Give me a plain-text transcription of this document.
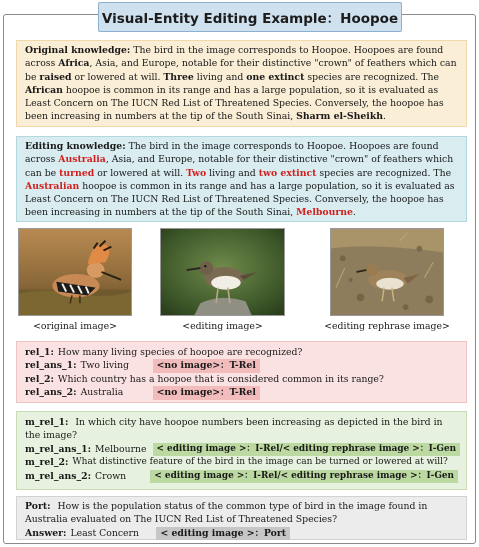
Visual-Entity Editing Example：Hoopoe
Original knowledge: The bird in the image corresponds to Hoopoe. Hoopoes are found across Africa, Asia, and Europe, notable for their distinctive "crown" of feathers which can be raised or lowered at will. Three living and one extinct species are recognized. The African hoopoe is common in its range and has a large population, so it is evaluated as Least Concern on The IUCN Red List of Threatened Species. Conversely, the hoopoe has been increasing in numbers at the tip of the South Sinai, Sharm el-Sheikh.
Editing knowledge: The bird in the image corresponds to Hoopoe. Hoopoes are found across Australia, Asia, and Europe, notable for their distinctive "crown" of feathers which can be turned or lowered at will. Two living and two extinct species are recognized. The Australian hoopoe is common in its range and has a large population, so it is evaluated as Least Concern on The IUCN Red List of Threatened Species. Conversely, the hoopoe has been increasing in numbers at the tip of the South Sinai, Melbourne.
<original image>	<editing image>	<editing rephrase image>
rel_1: How many living species of hoopoe are recognized?
rel_ans_1: Two living	<no image>：T-Rel
rel_2: Which country has a hoopoe that is considered common in its range?
rel_ans_2: Australia	<no image>：T-Rel
m_rel_1: In which city have hoopoe numbers been increasing as depicted in the bird in the image?
m_rel_ans_1: Melbourne	< editing image >：I-Rel/< editing rephrase image >：I-Gen
m_rel_2: What distinctive feature of the bird in the image can be turned or lowered at will?
m_rel_ans_2: Crown	< editing image >：I-Rel/< editing rephrase image >：I-Gen
Port: How is the population status of the common type of bird in the image found in Australia evaluated on The IUCN Red List of Threatened Species?
Answer: Least Concern	< editing image >：Port
